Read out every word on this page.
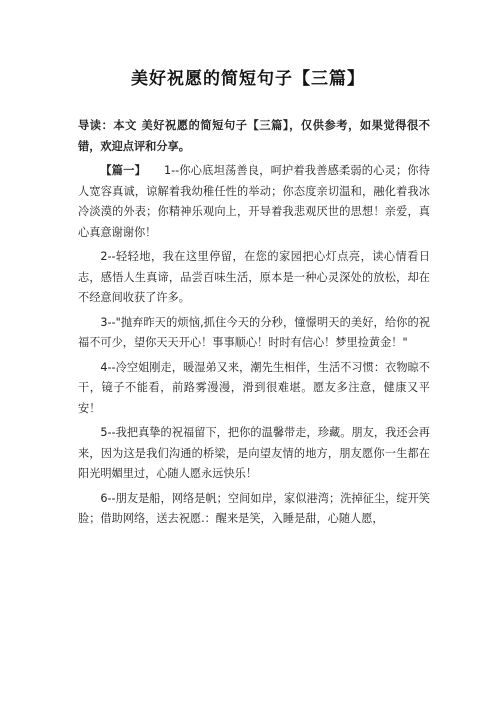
美好祝愿的简短句子【三篇】

导读：本文 美好祝愿的简短句子【三篇】，仅供参考，如果觉得很不错，欢迎点评和分享。

【篇一】 1--你心底坦荡善良，呵护着我善感柔弱的心灵；你待人宽容真诚，谅解着我幼稚任性的举动；你态度亲切温和，融化着我冰冷淡漠的外表；你精神乐观向上，开导着我悲观厌世的思想！亲爱，真心真意谢谢你！

2--轻轻地，我在这里停留，在您的家园把心灯点亮，读心情看日志，感悟人生真谛，品尝百味生活，原本是一种心灵深处的放松，却在不经意间收获了许多。

3--"抛弃昨天的烦恼,抓住今天的分秒，憧憬明天的美好，给你的祝福不可少，望你天天开心！事事顺心！时时有信心！梦里捡黄金！"

4--冷空姐刚走，暖湿弟又来，潮先生相伴，生活不习惯：衣物晾不干，镜子不能看，前路雾漫漫，滑到很难堪。愿友多注意，健康又平安！

5--我把真挚的祝福留下，把你的温馨带走，珍藏。朋友，我还会再来，因为这是我们沟通的桥梁，是向望友情的地方，朋友愿你一生都在阳光明媚里过，心随人愿永远快乐！

6--朋友是船，网络是帆；空间如岸，家似港湾；洗掉征尘，绽开笑脸；借助网络，送去祝愿.：醒来是笑，入睡是甜，心随人愿，
